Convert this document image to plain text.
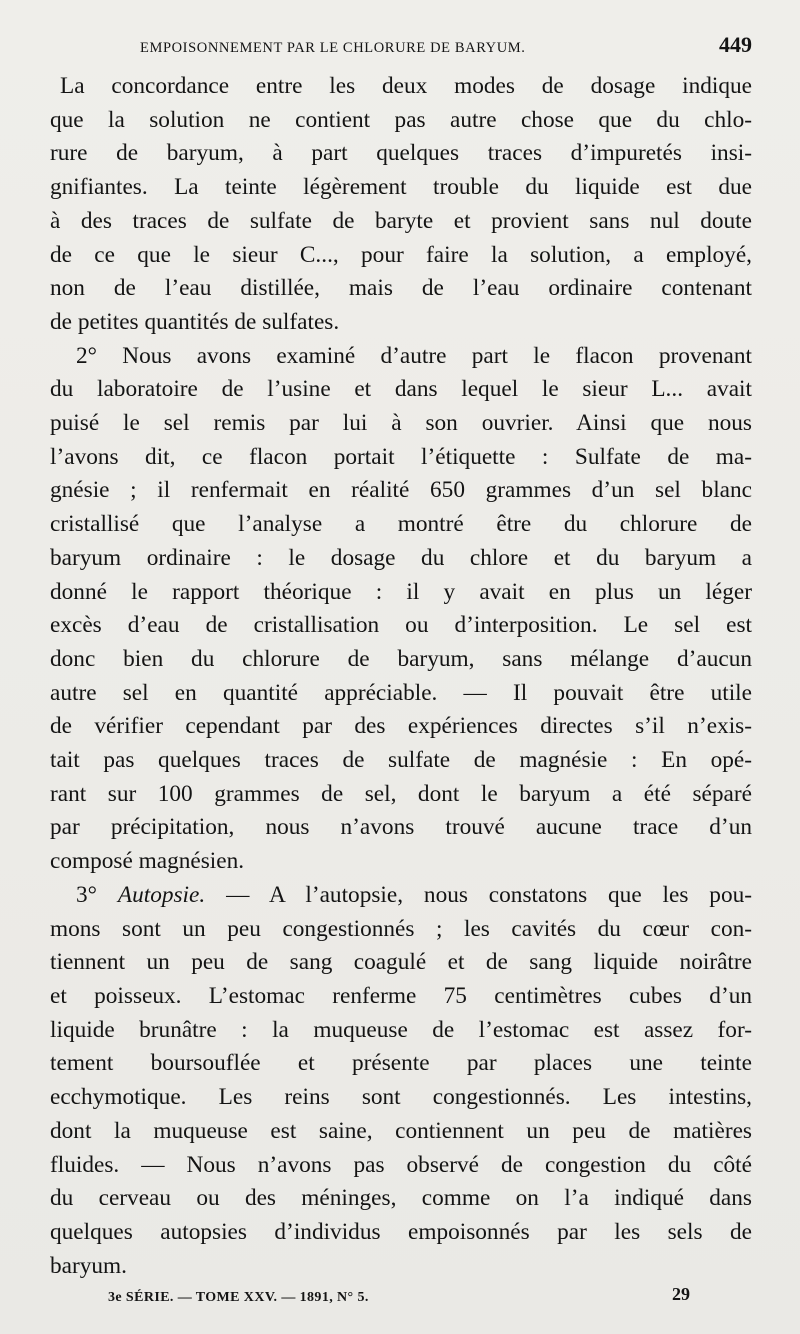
EMPOISONNEMENT PAR LE CHLORURE DE BARYUM.	449

La concordance entre les deux modes de dosage indique
que la solution ne contient pas autre chose que du chlo-
rure de baryum, à part quelques traces d’impuretés insi-
gnifiantes. La teinte légèrement trouble du liquide est due
à des traces de sulfate de baryte et provient sans nul doute
de ce que le sieur C..., pour faire la solution, a employé,
non de l’eau distillée, mais de l’eau ordinaire contenant
de petites quantités de sulfates.

2° Nous avons examiné d’autre part le flacon provenant
du laboratoire de l’usine et dans lequel le sieur L... avait
puisé le sel remis par lui à son ouvrier. Ainsi que nous
l’avons dit, ce flacon portait l’étiquette : Sulfate de ma-
gnésie ; il renfermait en réalité 650 grammes d’un sel blanc
cristallisé que l’analyse a montré être du chlorure de
baryum ordinaire : le dosage du chlore et du baryum a
donné le rapport théorique : il y avait en plus un léger
excès d’eau de cristallisation ou d’interposition. Le sel est
donc bien du chlorure de baryum, sans mélange d’aucun
autre sel en quantité appréciable. — Il pouvait être utile
de vérifier cependant par des expériences directes s’il n’exis-
tait pas quelques traces de sulfate de magnésie : En opé-
rant sur 100 grammes de sel, dont le baryum a été séparé
par précipitation, nous n’avons trouvé aucune trace d’un
composé magnésien.

3° Autopsie. — A l’autopsie, nous constatons que les pou-
mons sont un peu congestionnés ; les cavités du cœur con-
tiennent un peu de sang coagulé et de sang liquide noirâtre
et poisseux. L’estomac renferme 75 centimètres cubes d’un
liquide brunâtre : la muqueuse de l’estomac est assez for-
tement boursouflée et présente par places une teinte
ecchymotique. Les reins sont congestionnés. Les intestins,
dont la muqueuse est saine, contiennent un peu de matières
fluides. — Nous n’avons pas observé de congestion du côté
du cerveau ou des méninges, comme on l’a indiqué dans
quelques autopsies d’individus empoisonnés par les sels de
baryum.

3e SÉRIE. — TOME XXV. — 1891, N° 5.	29
